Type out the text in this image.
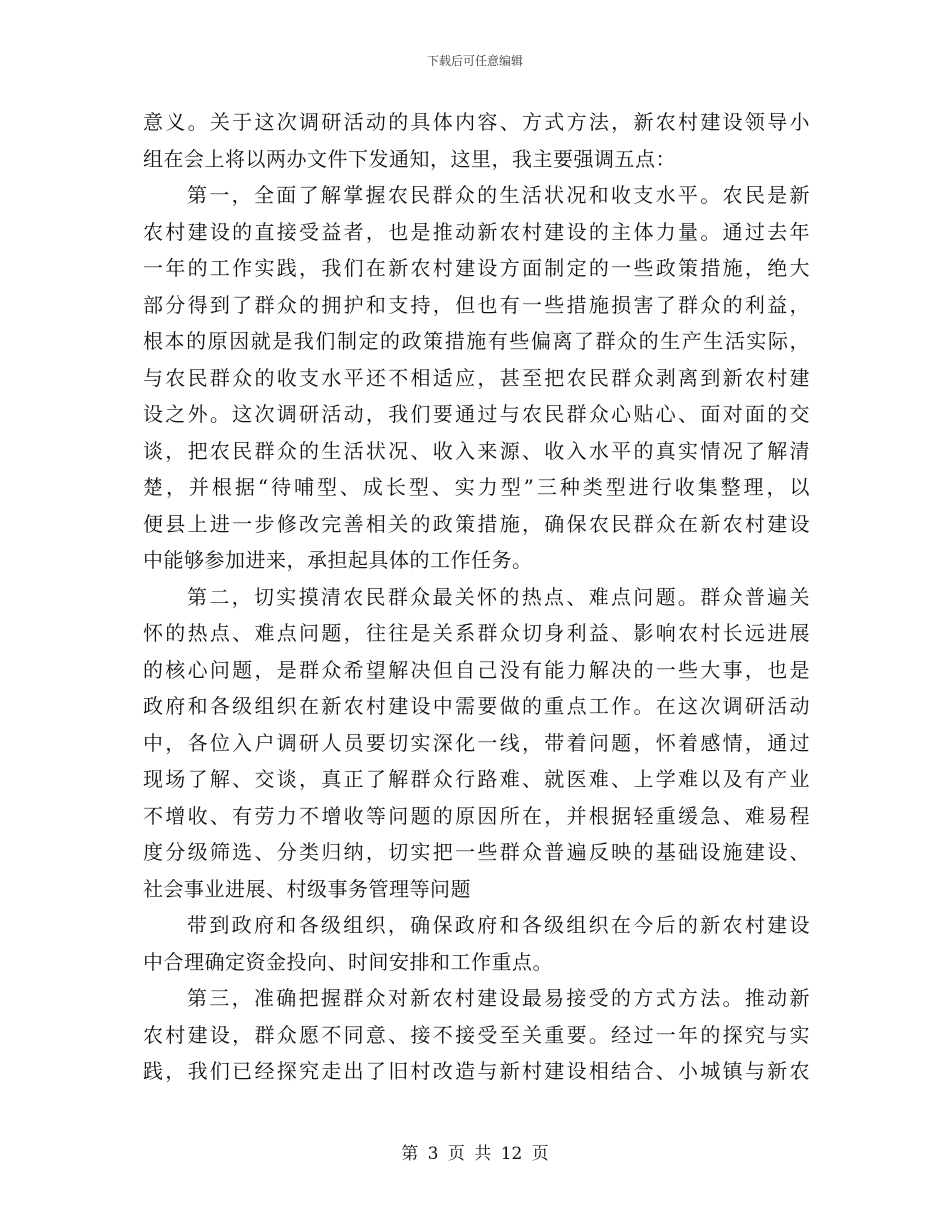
下载后可任意编辑
意义。关于这次调研活动的具体内容、方式方法，新农村建设领导小
组在会上将以两办文件下发通知，这里，我主要强调五点：
第一，全面了解掌握农民群众的生活状况和收支水平。农民是新
农村建设的直接受益者，也是推动新农村建设的主体力量。通过去年
一年的工作实践，我们在新农村建设方面制定的一些政策措施，绝大
部分得到了群众的拥护和支持，但也有一些措施损害了群众的利益，
根本的原因就是我们制定的政策措施有些偏离了群众的生产生活实际，
与农民群众的收支水平还不相适应，甚至把农民群众剥离到新农村建
设之外。这次调研活动，我们要通过与农民群众心贴心、面对面的交
谈，把农民群众的生活状况、收入来源、收入水平的真实情况了解清
楚，并根据“待哺型、成长型、实力型”三种类型进行收集整理，以
便县上进一步修改完善相关的政策措施，确保农民群众在新农村建设
中能够参加进来，承担起具体的工作任务。
第二，切实摸清农民群众最关怀的热点、难点问题。群众普遍关
怀的热点、难点问题，往往是关系群众切身利益、影响农村长远进展
的核心问题，是群众希望解决但自己没有能力解决的一些大事，也是
政府和各级组织在新农村建设中需要做的重点工作。在这次调研活动
中，各位入户调研人员要切实深化一线，带着问题，怀着感情，通过
现场了解、交谈，真正了解群众行路难、就医难、上学难以及有产业
不增收、有劳力不增收等问题的原因所在，并根据轻重缓急、难易程
度分级筛选、分类归纳，切实把一些群众普遍反映的基础设施建设、
社会事业进展、村级事务管理等问题
带到政府和各级组织，确保政府和各级组织在今后的新农村建设
中合理确定资金投向、时间安排和工作重点。
第三，准确把握群众对新农村建设最易接受的方式方法。推动新
农村建设，群众愿不同意、接不接受至关重要。经过一年的探究与实
践，我们已经探究走出了旧村改造与新村建设相结合、小城镇与新农
第 3 页 共 12 页
